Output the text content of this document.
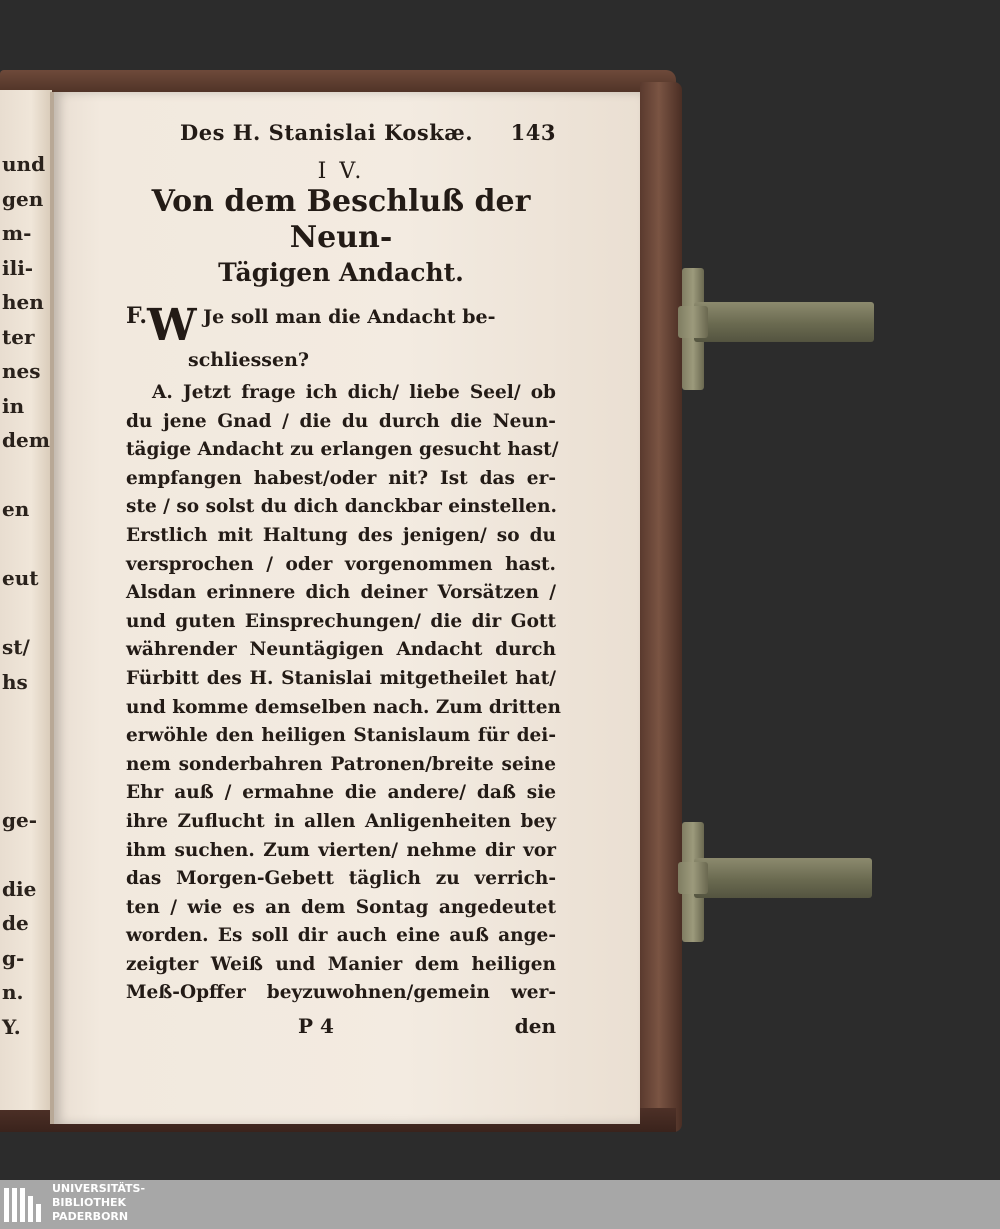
und
gen
m-
ili-
hen
ter
nes
in
dem
en
eut
st/
hs
ge-
die
de
g-
n.
Y.
Des H. Stanislai Koskæ. 143
I V.
Von dem Beschluß der Neun-
Tägigen Andacht.
F.W Je soll man die Andacht be-
schliessen?
A. Jetzt frage ich dich/ liebe Seel/ ob
du jene Gnad / die du durch die Neun-
tägige Andacht zu erlangen gesucht hast/
empfangen habest/oder nit? Ist das er-
ste / so solst du dich danckbar einstellen.
Erstlich mit Haltung des jenigen/ so du
versprochen / oder vorgenommen hast.
Alsdan erinnere dich deiner Vorsätzen /
und guten Einsprechungen/ die dir Gott
währender Neuntägigen Andacht durch
Fürbitt des H. Stanislai mitgetheilet hat/
und komme demselben nach. Zum dritten
erwöhle den heiligen Stanislaum für dei-
nem sonderbahren Patronen/breite seine
Ehr auß / ermahne die andere/ daß sie
ihre Zuflucht in allen Anligenheiten bey
ihm suchen. Zum vierten/ nehme dir vor
das Morgen-Gebett täglich zu verrich-
ten / wie es an dem Sontag angedeutet
worden. Es soll dir auch eine auß ange-
zeigter Weiß und Manier dem heiligen
Meß-Opffer beyzuwohnen/gemein wer-
P 4	den
UNIVERSITÄTS-
BIBLIOTHEK
PADERBORN
